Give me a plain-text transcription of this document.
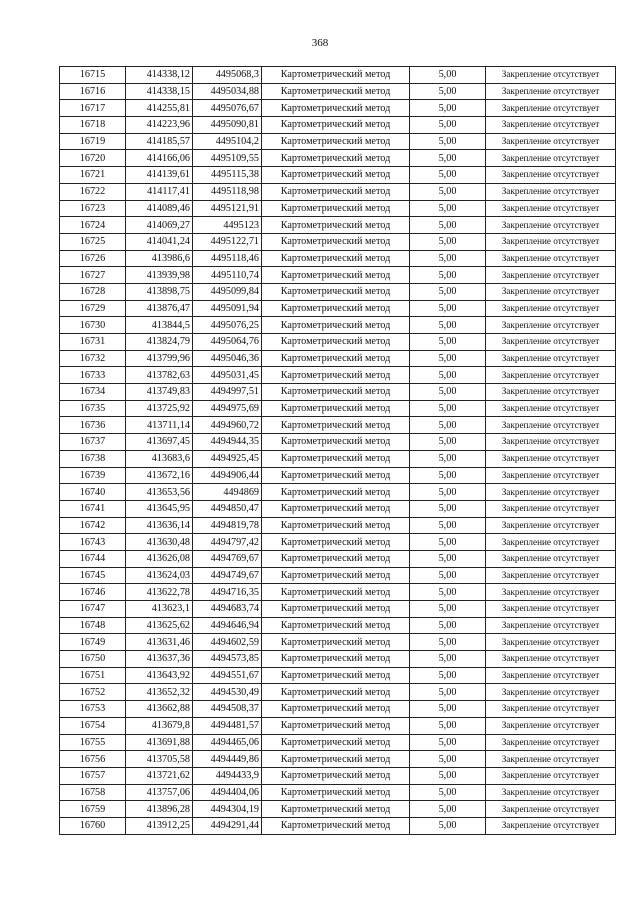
368
16715	414338,12	4495068,3	Картометрический метод	5,00	Закрепление отсутствует
16716	414338,15	4495034,88	Картометрический метод	5,00	Закрепление отсутствует
16717	414255,81	4495076,67	Картометрический метод	5,00	Закрепление отсутствует
16718	414223,96	4495090,81	Картометрический метод	5,00	Закрепление отсутствует
16719	414185,57	4495104,2	Картометрический метод	5,00	Закрепление отсутствует
16720	414166,06	4495109,55	Картометрический метод	5,00	Закрепление отсутствует
16721	414139,61	4495115,38	Картометрический метод	5,00	Закрепление отсутствует
16722	414117,41	4495118,98	Картометрический метод	5,00	Закрепление отсутствует
16723	414089,46	4495121,91	Картометрический метод	5,00	Закрепление отсутствует
16724	414069,27	4495123	Картометрический метод	5,00	Закрепление отсутствует
16725	414041,24	4495122,71	Картометрический метод	5,00	Закрепление отсутствует
16726	413986,6	4495118,46	Картометрический метод	5,00	Закрепление отсутствует
16727	413939,98	4495110,74	Картометрический метод	5,00	Закрепление отсутствует
16728	413898,75	4495099,84	Картометрический метод	5,00	Закрепление отсутствует
16729	413876,47	4495091,94	Картометрический метод	5,00	Закрепление отсутствует
16730	413844,5	4495076,25	Картометрический метод	5,00	Закрепление отсутствует
16731	413824,79	4495064,76	Картометрический метод	5,00	Закрепление отсутствует
16732	413799,96	4495046,36	Картометрический метод	5,00	Закрепление отсутствует
16733	413782,63	4495031,45	Картометрический метод	5,00	Закрепление отсутствует
16734	413749,83	4494997,51	Картометрический метод	5,00	Закрепление отсутствует
16735	413725,92	4494975,69	Картометрический метод	5,00	Закрепление отсутствует
16736	413711,14	4494960,72	Картометрический метод	5,00	Закрепление отсутствует
16737	413697,45	4494944,35	Картометрический метод	5,00	Закрепление отсутствует
16738	413683,6	4494925,45	Картометрический метод	5,00	Закрепление отсутствует
16739	413672,16	4494906,44	Картометрический метод	5,00	Закрепление отсутствует
16740	413653,56	4494869	Картометрический метод	5,00	Закрепление отсутствует
16741	413645,95	4494850,47	Картометрический метод	5,00	Закрепление отсутствует
16742	413636,14	4494819,78	Картометрический метод	5,00	Закрепление отсутствует
16743	413630,48	4494797,42	Картометрический метод	5,00	Закрепление отсутствует
16744	413626,08	4494769,67	Картометрический метод	5,00	Закрепление отсутствует
16745	413624,03	4494749,67	Картометрический метод	5,00	Закрепление отсутствует
16746	413622,78	4494716,35	Картометрический метод	5,00	Закрепление отсутствует
16747	413623,1	4494683,74	Картометрический метод	5,00	Закрепление отсутствует
16748	413625,62	4494646,94	Картометрический метод	5,00	Закрепление отсутствует
16749	413631,46	4494602,59	Картометрический метод	5,00	Закрепление отсутствует
16750	413637,36	4494573,85	Картометрический метод	5,00	Закрепление отсутствует
16751	413643,92	4494551,67	Картометрический метод	5,00	Закрепление отсутствует
16752	413652,32	4494530,49	Картометрический метод	5,00	Закрепление отсутствует
16753	413662,88	4494508,37	Картометрический метод	5,00	Закрепление отсутствует
16754	413679,8	4494481,57	Картометрический метод	5,00	Закрепление отсутствует
16755	413691,88	4494465,06	Картометрический метод	5,00	Закрепление отсутствует
16756	413705,58	4494449,86	Картометрический метод	5,00	Закрепление отсутствует
16757	413721,62	4494433,9	Картометрический метод	5,00	Закрепление отсутствует
16758	413757,06	4494404,06	Картометрический метод	5,00	Закрепление отсутствует
16759	413896,28	4494304,19	Картометрический метод	5,00	Закрепление отсутствует
16760	413912,25	4494291,44	Картометрический метод	5,00	Закрепление отсутствует
